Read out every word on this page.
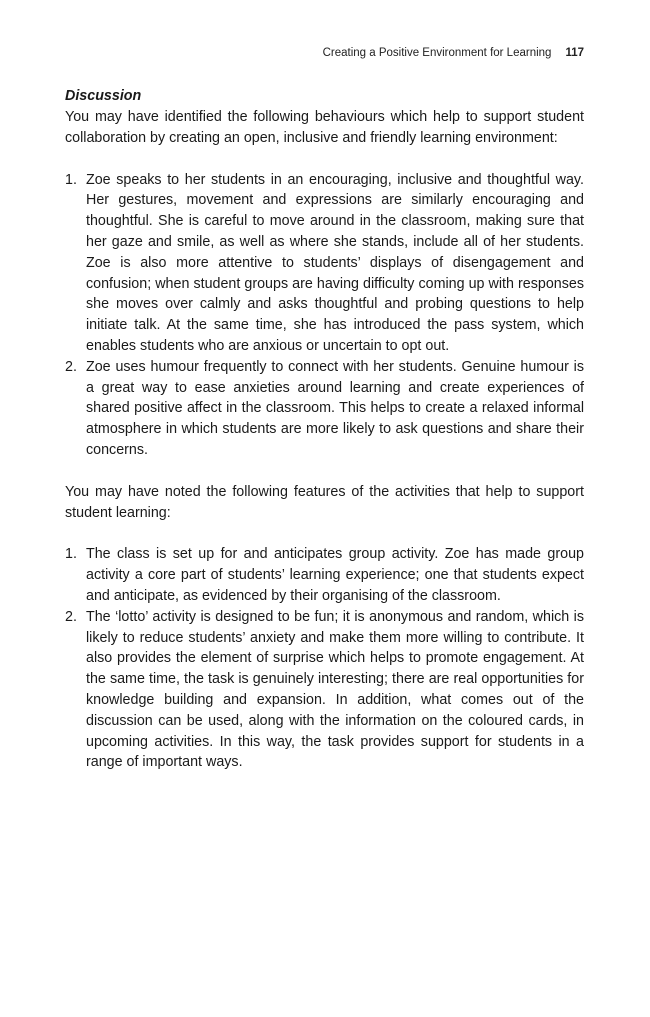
Creating a Positive Environment for Learning 117
Discussion

You may have identified the following behaviours which help to support student collaboration by creating an open, inclusive and friendly learning environment:

1. Zoe speaks to her students in an encouraging, inclusive and thoughtful way. Her gestures, movement and expressions are similarly encouraging and thoughtful. She is careful to move around in the classroom, making sure that her gaze and smile, as well as where she stands, include all of her students. Zoe is also more attentive to students’ displays of disengagement and confusion; when student groups are having difficulty coming up with responses she moves over calmly and asks thoughtful and probing questions to help initiate talk. At the same time, she has introduced the pass system, which enables students who are anxious or uncertain to opt out.
2. Zoe uses humour frequently to connect with her students. Genuine humour is a great way to ease anxieties around learning and create experiences of shared positive affect in the classroom. This helps to create a relaxed informal atmosphere in which students are more likely to ask questions and share their concerns.

You may have noted the following features of the activities that help to support student learning:

1. The class is set up for and anticipates group activity. Zoe has made group activity a core part of students’ learning experience; one that students expect and anticipate, as evidenced by their organising of the classroom.
2. The ‘lotto’ activity is designed to be fun; it is anonymous and random, which is likely to reduce students’ anxiety and make them more willing to contribute. It also provides the element of surprise which helps to promote engagement. At the same time, the task is genuinely interesting; there are real opportunities for knowledge building and expansion. In addition, what comes out of the discussion can be used, along with the information on the coloured cards, in upcoming activities. In this way, the task provides support for students in a range of important ways.
